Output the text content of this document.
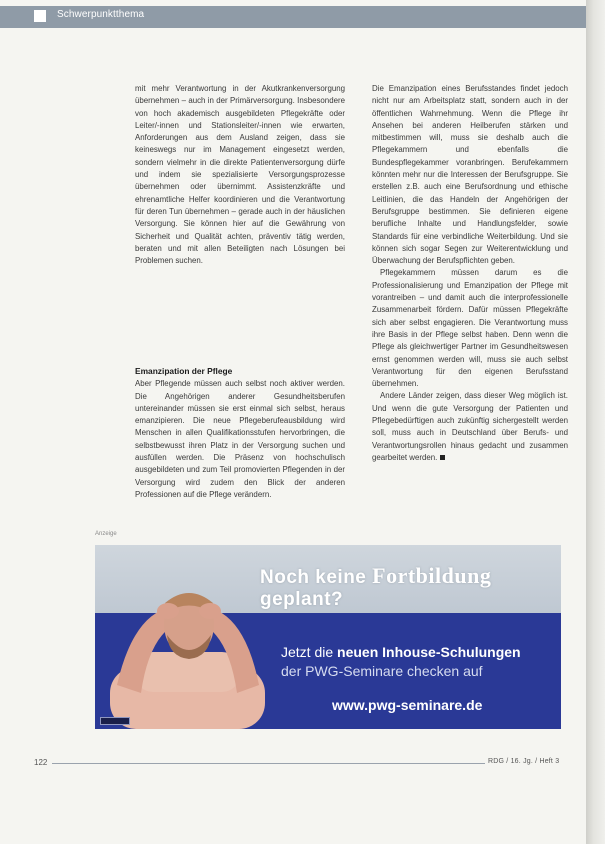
Schwerpunktthema

mit mehr Verantwortung in der Akutkrankenversorgung übernehmen – auch in der Primärversorgung. Insbesondere von hoch akademisch ausgebildeten Pflegekräfte oder Leiter/-innen und Stationsleiter/-innen wie erwarten, Anforderungen aus dem Ausland zeigen, dass sie keineswegs nur im Management eingesetzt werden, sondern vielmehr in die direkte Patientenversorgung dürfe und indem sie spezialisierte Versorgungsprozesse übernehmen oder übernimmt. Assistenzkräfte und ehrenamtliche Helfer koordinieren und die Verantwortung für deren Tun übernehmen – gerade auch in der häuslichen Versorgung. Sie können hier auf die Gewährung von Sicherheit und Qualität achten, präventiv tätig werden, beraten und mit allen Beteiligten nach Lösungen bei Problemen suchen.

Emanzipation der Pflege

Aber Pflegende müssen auch selbst noch aktiver werden. Die Angehörigen anderer Gesundheitsberufen untereinander müssen sie erst einmal sich selbst, heraus emanzipieren. Die neue Pflegeberufeausbildung wird Menschen in allen Qualifikationsstufen hervorbringen, die selbstbewusst ihren Platz in der Versorgung suchen und ausfüllen werden. Die Präsenz von hochschulisch ausgebildeten und zum Teil promovierten Pflegenden in der Versorgung wird zudem den Blick der anderen Professionen auf die Pflege verändern.

Die Emanzipation eines Berufsstandes findet jedoch nicht nur am Arbeitsplatz statt, sondern auch in der öffentlichen Wahrnehmung. Wenn die Pflege ihr Ansehen bei anderen Heilberufen stärken und mitbestimmen will, muss sie deshalb auch die Pflegekammern und ebenfalls die Bundespflegekammer voranbringen. Berufekammern könnten mehr nur die Interessen der Berufsgruppe. Sie erstellen z.B. auch eine Berufsordnung und ethische Leitlinien, die das Handeln der Angehörigen der Berufsgruppe bestimmen. Sie definieren eigene berufliche Inhalte und Handlungsfelder, sowie Standards für eine verbindliche Weiterbildung. Und sie können sich sogar Segen zur Weiterentwicklung und Überwachung der Berufspflichten geben.

Pflegekammern müssen darum es die Professionalisierung und Emanzipation der Pflege mit vorantreiben – und damit auch die interprofessionelle Zusammenarbeit fördern. Dafür müssen Pflegekräfte sich aber selbst engagieren. Die Verantwortung muss ihre Basis in der Pflege selbst haben. Denn wenn die Pflege als gleichwertiger Partner im Gesundheitswesen ernst genommen werden will, muss sie auch selbst Verantwortung für den eigenen Berufsstand übernehmen.

Andere Länder zeigen, dass dieser Weg möglich ist. Und wenn die gute Versorgung der Patienten und Pflegebedürftigen auch zukünftig sichergestellt werden soll, muss auch in Deutschland über Berufs- und Verantwortungsrollen hinaus gedacht und zusammen gearbeitet werden.

Anzeige
Noch keine Fortbildung geplant?
Jetzt die neuen Inhouse-Schulungen
der PWG-Seminare checken auf
www.pwg-seminare.de
122	RDG / 16. Jg. / Heft 3
